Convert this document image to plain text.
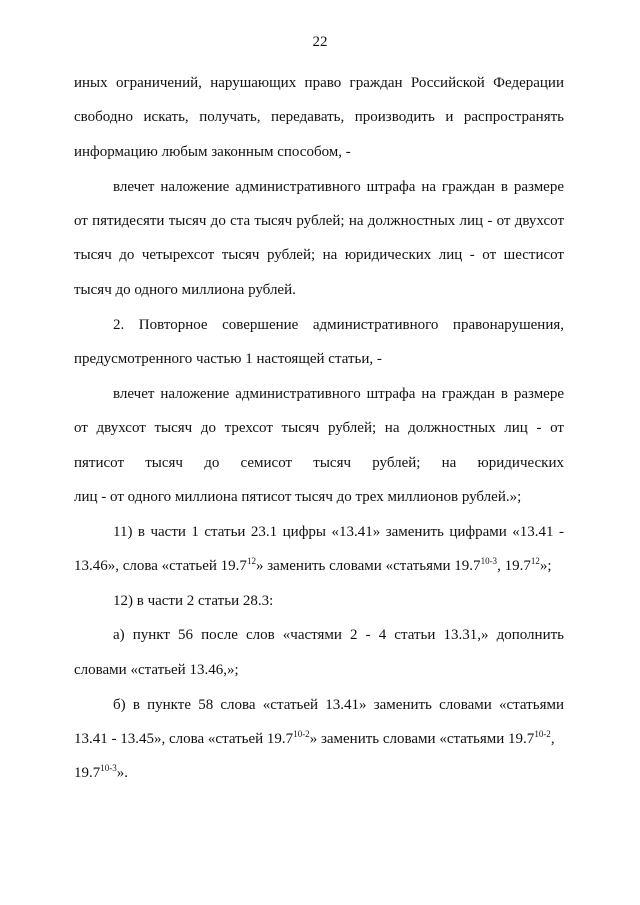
22
иных ограничений, нарушающих право граждан Российской Федерации
свободно искать, получать, передавать, производить и распространять
информацию любым законным способом, -
влечет наложение административного штрафа на граждан в размере
от пятидесяти тысяч до ста тысяч рублей; на должностных лиц - от двухсот
тысяч до четырехсот тысяч рублей; на юридических лиц - от шестисот
тысяч до одного миллиона рублей.
2. Повторное совершение административного правонарушения,
предусмотренного частью 1 настоящей статьи, -
влечет наложение административного штрафа на граждан в размере
от двухсот тысяч до трехсот тысяч рублей; на должностных лиц - от
пятисот тысяч до семисот тысяч рублей; на юридических
лиц - от одного миллиона пятисот тысяч до трех миллионов рублей.»;
11) в части 1 статьи 23.1 цифры «13.41» заменить цифрами «13.41 -
13.46», слова «статьей 19.7$^{12}$» заменить словами «статьями 19.7$^{10-3}$, 19.7$^{12}$»;
12) в части 2 статьи 28.3:
а) пункт 56 после слов «частями 2 - 4 статьи 13.31,» дополнить
словами «статьей 13.46,»;
б) в пункте 58 слова «статьей 13.41» заменить словами «статьями
13.41 - 13.45», слова «статьей 19.7$^{10-2}$» заменить словами «статьями 19.7$^{10-2}$,
19.7$^{10-3}$».
